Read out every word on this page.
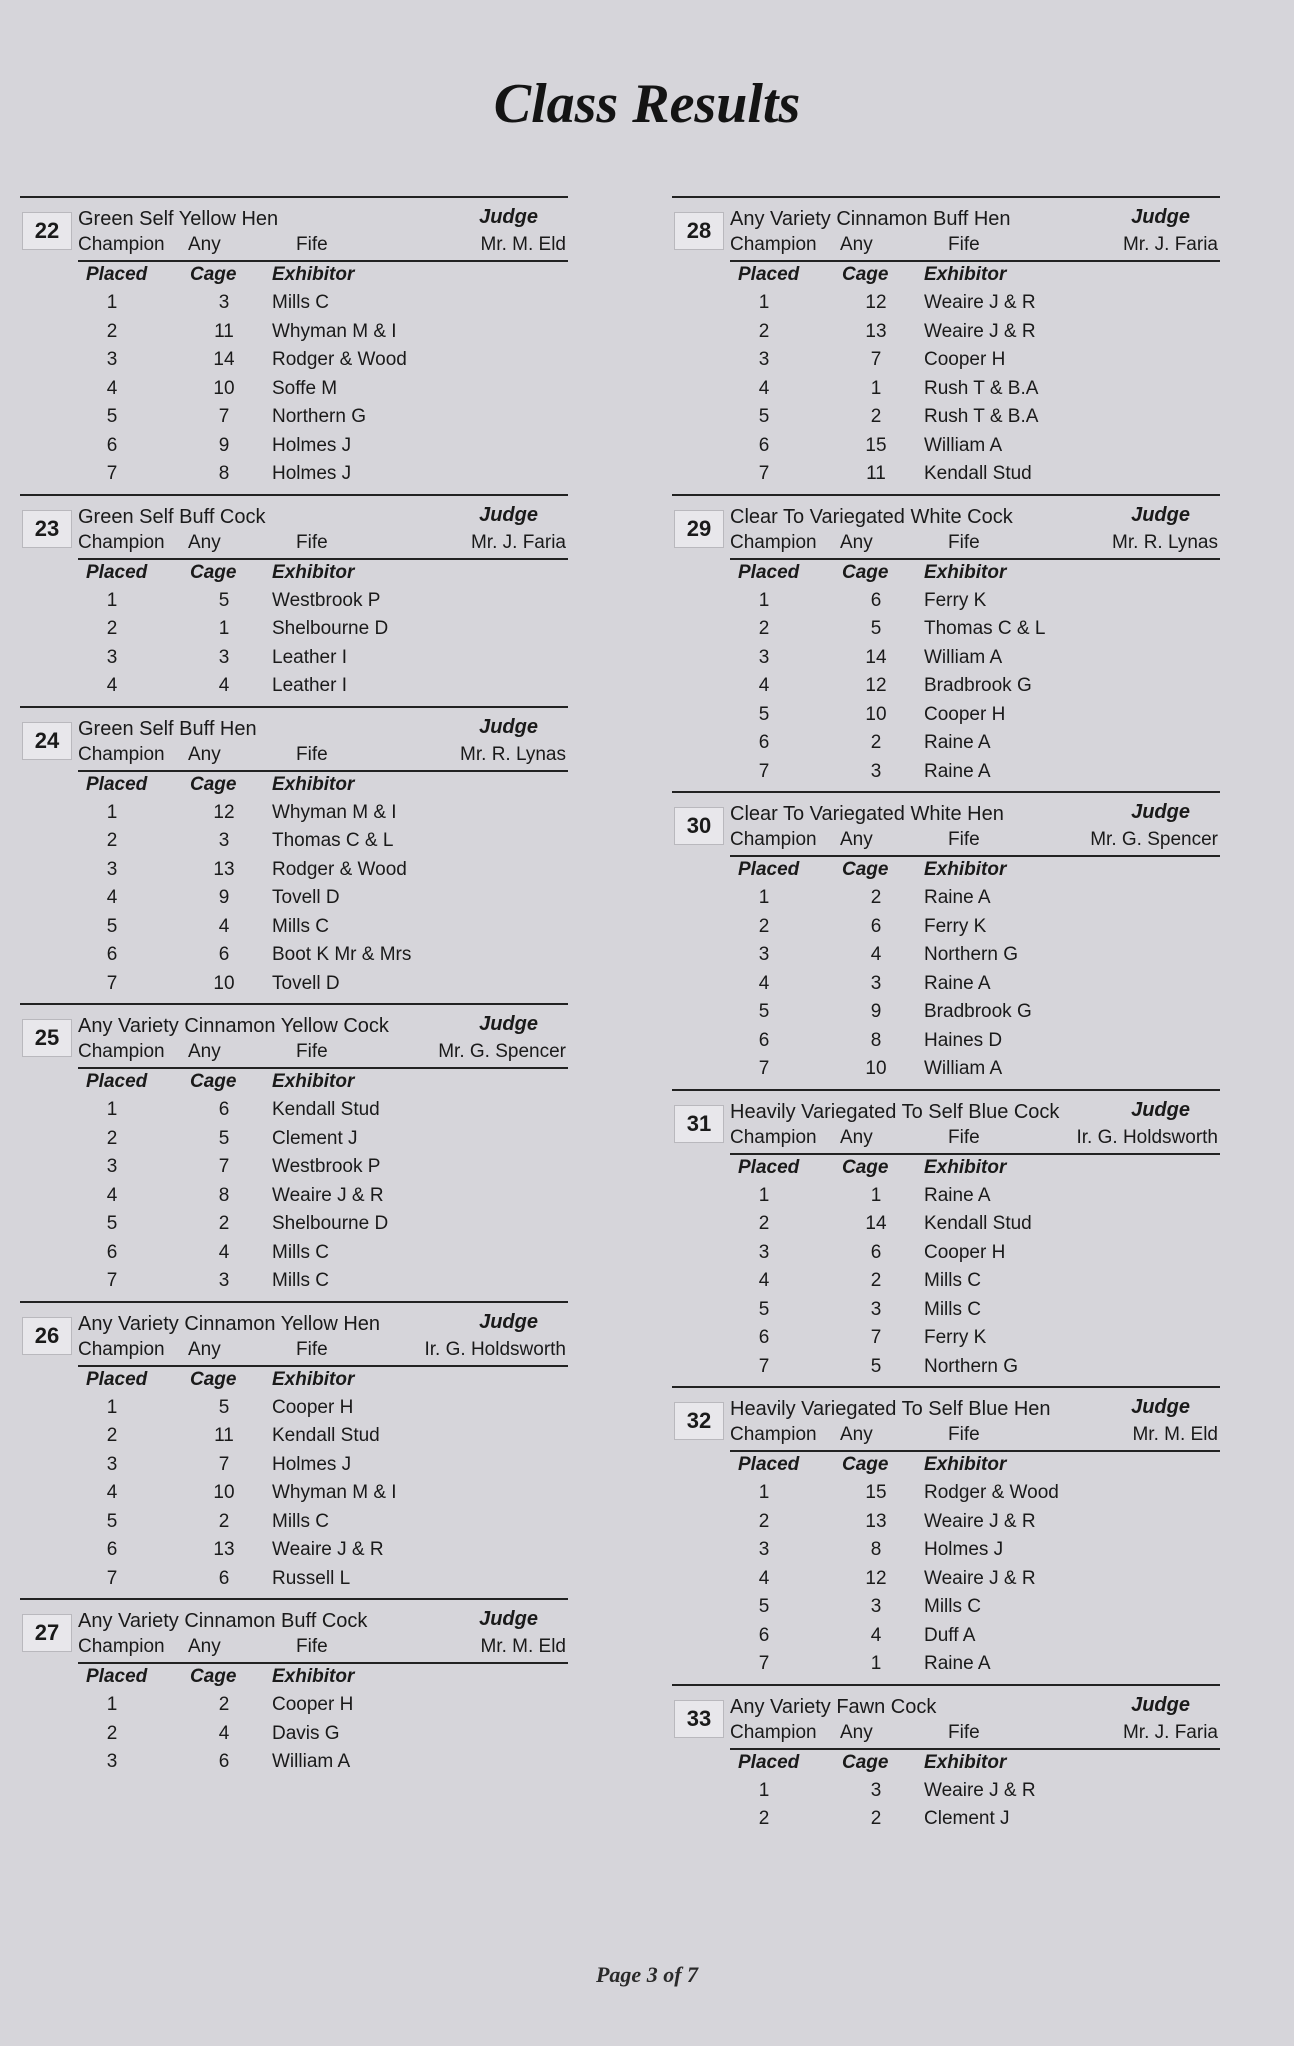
Class Results
22 Green Self Yellow Hen	Judge
Champion Any	Fife	Mr. M. Eld
Placed Cage Exhibitor
1	3	Mills C
2	11	Whyman M & I
3	14	Rodger & Wood
4	10	Soffe M
5	7	Northern G
6	9	Holmes J
7	8	Holmes J
23 Green Self Buff Cock	Judge
Champion Any	Fife	Mr. J. Faria
Placed Cage Exhibitor
1	5	Westbrook P
2	1	Shelbourne D
3	3	Leather I
4	4	Leather I
24 Green Self Buff Hen	Judge
Champion Any	Fife	Mr. R. Lynas
Placed Cage Exhibitor
1	12	Whyman M & I
2	3	Thomas C & L
3	13	Rodger & Wood
4	9	Tovell D
5	4	Mills C
6	6	Boot K Mr & Mrs
7	10	Tovell D
25 Any Variety Cinnamon Yellow Cock	Judge
Champion Any	Fife	Mr. G. Spencer
Placed Cage Exhibitor
1	6	Kendall Stud
2	5	Clement J
3	7	Westbrook P
4	8	Weaire J & R
5	2	Shelbourne D
6	4	Mills C
7	3	Mills C
26 Any Variety Cinnamon Yellow Hen	Judge
Champion Any	Fife	Ir. G. Holdsworth
Placed Cage Exhibitor
1	5	Cooper H
2	11	Kendall Stud
3	7	Holmes J
4	10	Whyman M & I
5	2	Mills C
6	13	Weaire J & R
7	6	Russell L
27 Any Variety Cinnamon Buff Cock	Judge
Champion Any	Fife	Mr. M. Eld
Placed Cage Exhibitor
1	2	Cooper H
2	4	Davis G
3	6	William A
28 Any Variety Cinnamon Buff Hen	Judge
Champion Any	Fife	Mr. J. Faria
Placed Cage Exhibitor
1	12	Weaire J & R
2	13	Weaire J & R
3	7	Cooper H
4	1	Rush T & B.A
5	2	Rush T & B.A
6	15	William A
7	11	Kendall Stud
29 Clear To Variegated White Cock	Judge
Champion Any	Fife	Mr. R. Lynas
Placed Cage Exhibitor
1	6	Ferry K
2	5	Thomas C & L
3	14	William A
4	12	Bradbrook G
5	10	Cooper H
6	2	Raine A
7	3	Raine A
30 Clear To Variegated White Hen	Judge
Champion Any	Fife	Mr. G. Spencer
Placed Cage Exhibitor
1	2	Raine A
2	6	Ferry K
3	4	Northern G
4	3	Raine A
5	9	Bradbrook G
6	8	Haines D
7	10	William A
31 Heavily Variegated To Self Blue Cock	Judge
Champion Any	Fife	Ir. G. Holdsworth
Placed Cage Exhibitor
1	1	Raine A
2	14	Kendall Stud
3	6	Cooper H
4	2	Mills C
5	3	Mills C
6	7	Ferry K
7	5	Northern G
32 Heavily Variegated To Self Blue Hen	Judge
Champion Any	Fife	Mr. M. Eld
Placed Cage Exhibitor
1	15	Rodger & Wood
2	13	Weaire J & R
3	8	Holmes J
4	12	Weaire J & R
5	3	Mills C
6	4	Duff A
7	1	Raine A
33 Any Variety Fawn Cock	Judge
Champion Any	Fife	Mr. J. Faria
Placed Cage Exhibitor
1	3	Weaire J & R
2	2	Clement J
Page 3 of 7
